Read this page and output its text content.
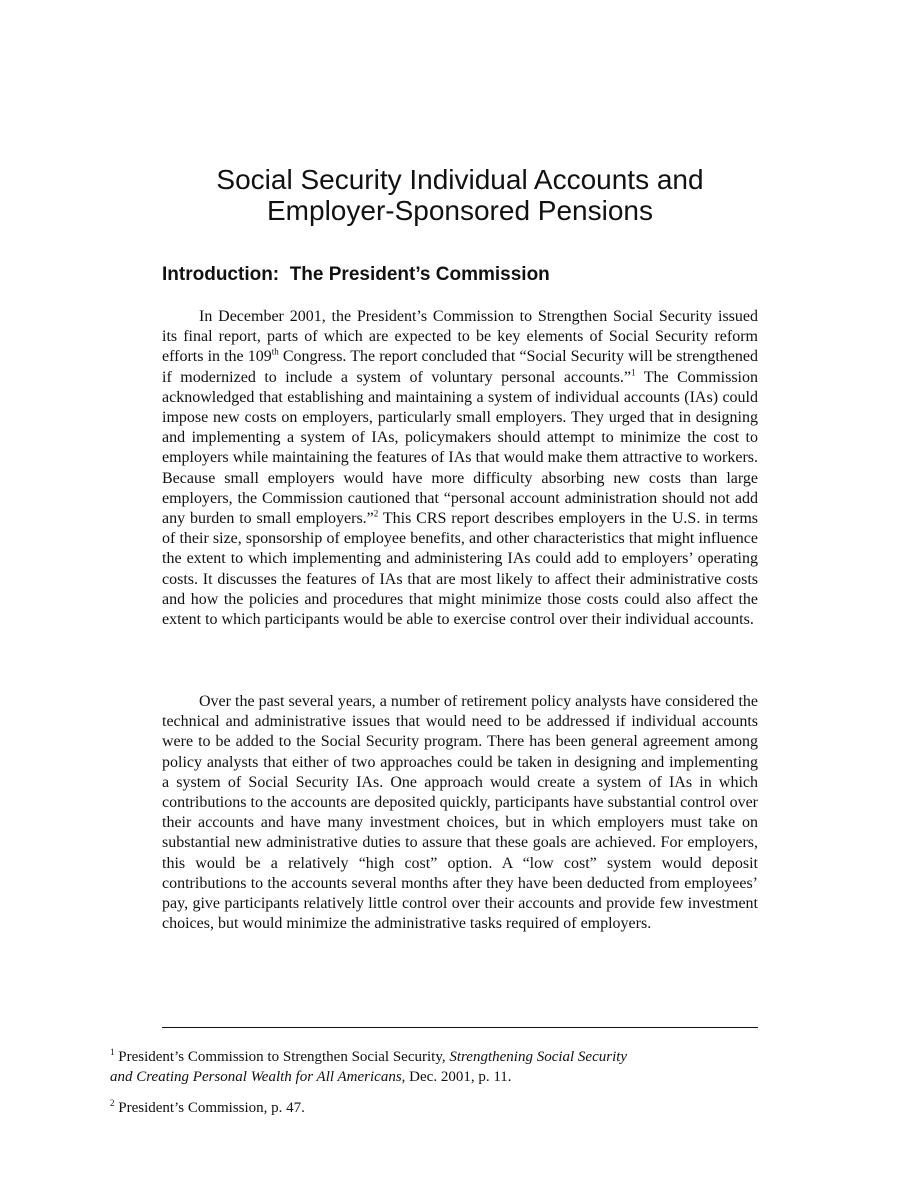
Social Security Individual Accounts and
Employer-Sponsored Pensions
Introduction:  The President’s Commission

In December 2001, the President’s Commission to Strengthen Social Security issued its final report, parts of which are expected to be key elements of Social Security reform efforts in the 109th Congress. The report concluded that “Social Security will be strengthened if modernized to include a system of voluntary personal accounts.”$^1$ The Commission acknowledged that establishing and maintaining a system of individual accounts (IAs) could impose new costs on employers, particularly small employers. They urged that in designing and implementing a system of IAs, policymakers should attempt to minimize the cost to employers while maintaining the features of IAs that would make them attractive to workers. Because small employers would have more difficulty absorbing new costs than large employers, the Commission cautioned that “personal account administration should not add any burden to small employers.”$^2$ This CRS report describes employers in the U.S. in terms of their size, sponsorship of employee benefits, and other characteristics that might influence the extent to which implementing and administering IAs could add to employers’ operating costs. It discusses the features of IAs that are most likely to affect their administrative costs and how the policies and procedures that might minimize those costs could also affect the extent to which participants would be able to exercise control over their individual accounts.

Over the past several years, a number of retirement policy analysts have considered the technical and administrative issues that would need to be addressed if individual accounts were to be added to the Social Security program. There has been general agreement among policy analysts that either of two approaches could be taken in designing and implementing a system of Social Security IAs. One approach would create a system of IAs in which contributions to the accounts are deposited quickly, participants have substantial control over their accounts and have many investment choices, but in which employers must take on substantial new administrative duties to assure that these goals are achieved. For employers, this would be a relatively “high cost” option. A “low cost” system would deposit contributions to the accounts several months after they have been deducted from employees’ pay, give participants relatively little control over their accounts and provide few investment choices, but would minimize the administrative tasks required of employers.

$^1$ President’s Commission to Strengthen Social Security, Strengthening Social Security
and Creating Personal Wealth for All Americans, Dec. 2001, p. 11.

$^2$ President’s Commission, p. 47.
